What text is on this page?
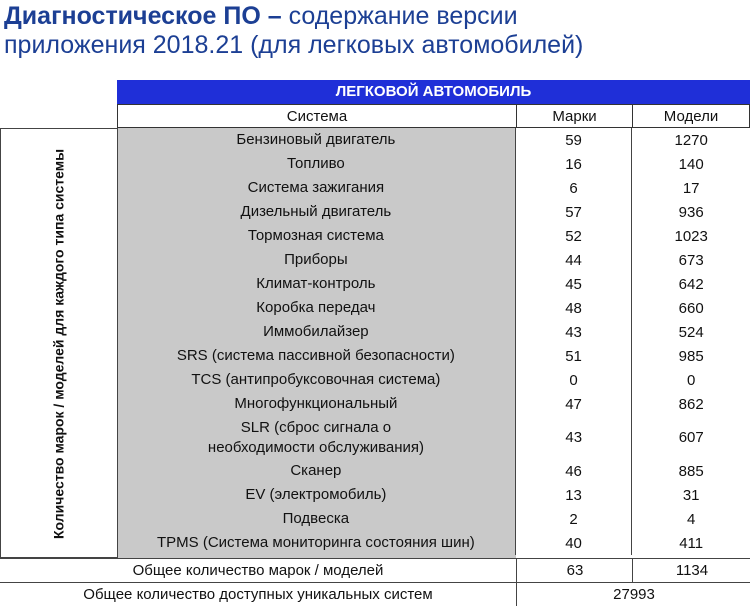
Диагностическое ПО – содержание версии
приложения 2018.21 (для легковых автомобилей)
ЛЕГКОВОЙ АВТОМОБИЛЬ
Система	Марки	Модели
Количество марок / моделей для каждого типа системы
Бензиновый двигатель	59	1270
Топливо	16	140
Система зажигания	6	17
Дизельный двигатель	57	936
Тормозная система	52	1023
Приборы	44	673
Климат-контроль	45	642
Коробка передач	48	660
Иммобилайзер	43	524
SRS (система пассивной безопасности)	51	985
TCS (антипробуксовочная система)	0	0
Многофункциональный	47	862
SLR (сброс сигнала о необходимости обслуживания)
43	607
Сканер	46	885
EV (электромобиль)	13	31
Подвеска	2	4
TPMS (Система мониторинга состояния шин)	40	411
Общее количество марок / моделей	63	1134
Общее количество доступных уникальных систем	27993
